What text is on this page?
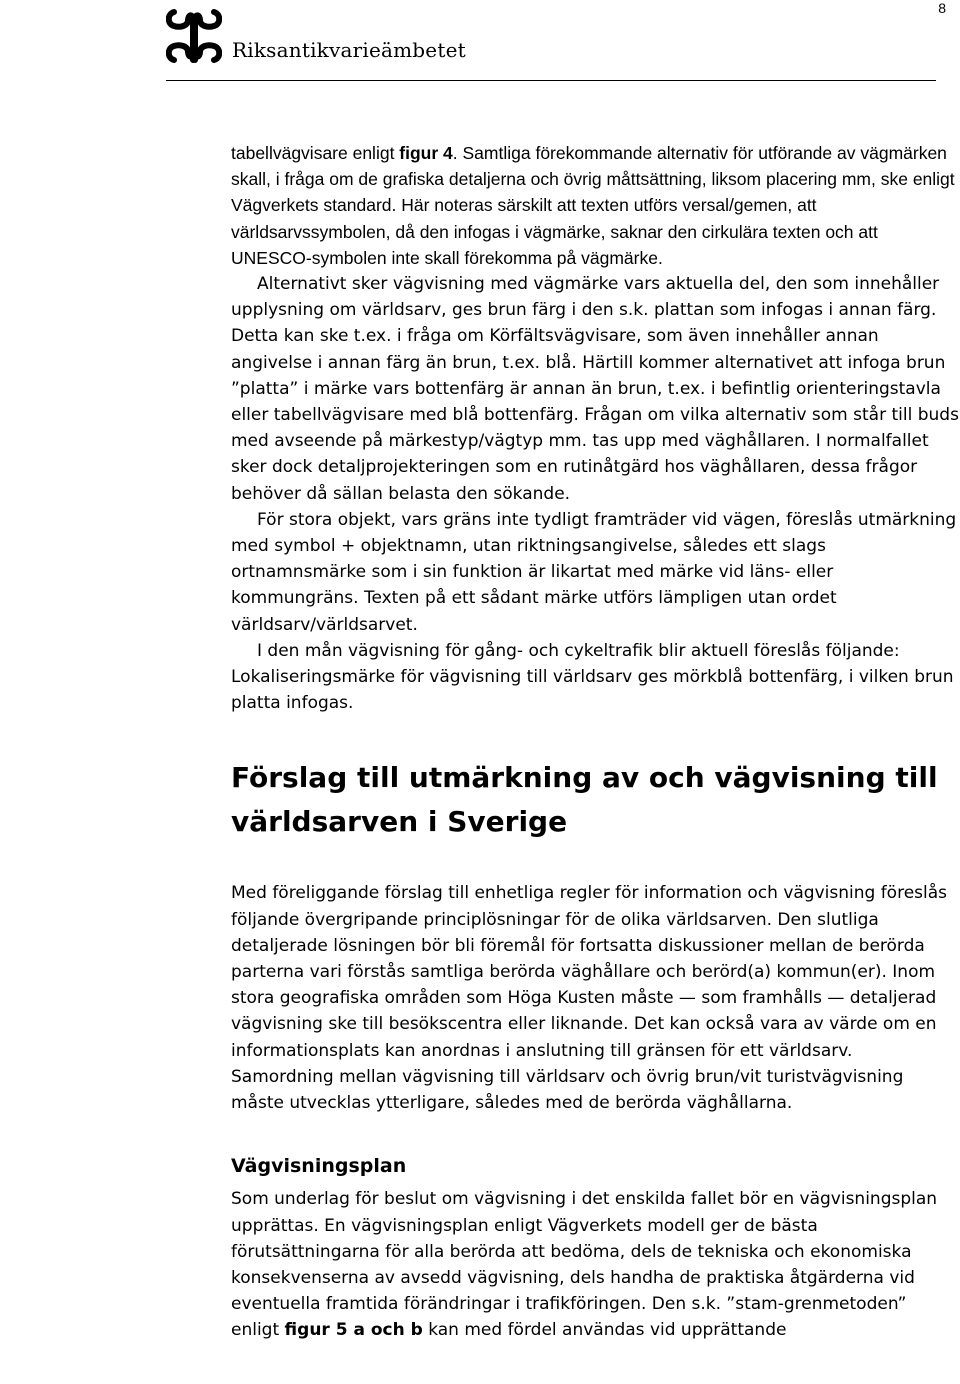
8
Riksantikvarieämbetet

tabellvägvisare enligt figur 4. Samtliga förekommande alternativ för utförande av vägmärken skall, i fråga om de grafiska detaljerna och övrig måttsättning, liksom placering mm, ske enligt Vägverkets standard. Här noteras särskilt att texten utförs versal/gemen, att världsarvssymbolen, då den infogas i vägmärke, saknar den cirkulära texten och att UNESCO-symbolen inte skall förekomma på vägmärke.

Alternativt sker vägvisning med vägmärke vars aktuella del, den som innehåller upplysning om världsarv, ges brun färg i den s.k. plattan som infogas i annan färg. Detta kan ske t.ex. i fråga om Körfältsvägvisare, som även innehåller annan angivelse i annan färg än brun, t.ex. blå. Härtill kommer alternativet att infoga brun ”platta” i märke vars bottenfärg är annan än brun, t.ex. i befintlig orienteringstavla eller tabellvägvisare med blå bottenfärg. Frågan om vilka alternativ som står till buds med avseende på märkestyp/vägtyp mm. tas upp med väghållaren. I normalfallet sker dock detaljprojekteringen som en rutinåtgärd hos väghållaren, dessa frågor behöver då sällan belasta den sökande.

För stora objekt, vars gräns inte tydligt framträder vid vägen, föreslås utmärkning med symbol + objektnamn, utan riktningsangivelse, således ett slags ortnamnsmärke som i sin funktion är likartat med märke vid läns- eller kommungräns. Texten på ett sådant märke utförs lämpligen utan ordet världsarv/världsarvet.

I den mån vägvisning för gång- och cykeltrafik blir aktuell föreslås följande: Lokaliseringsmärke för vägvisning till världsarv ges mörkblå bottenfärg, i vilken brun platta infogas.

Förslag till utmärkning av och vägvisning till världsarven i Sverige

Med föreliggande förslag till enhetliga regler för information och vägvisning föreslås följande övergripande principlösningar för de olika världsarven. Den slutliga detaljerade lösningen bör bli föremål för fortsatta diskussioner mellan de berörda parterna vari förstås samtliga berörda väghållare och berörd(a) kommun(er). Inom stora geografiska områden som Höga Kusten måste — som framhålls — detaljerad vägvisning ske till besökscentra eller liknande. Det kan också vara av värde om en informationsplats kan anordnas i anslutning till gränsen för ett världsarv. Samordning mellan vägvisning till världsarv och övrig brun/vit turistvägvisning måste utvecklas ytterligare, således med de berörda väghållarna.

Vägvisningsplan

Som underlag för beslut om vägvisning i det enskilda fallet bör en vägvisningsplan upprättas. En vägvisningsplan enligt Vägverkets modell ger de bästa förutsättningarna för alla berörda att bedöma, dels de tekniska och ekonomiska konsekvenserna av avsedd vägvisning, dels handha de praktiska åtgärderna vid eventuella framtida förändringar i trafikföringen. Den s.k. ”stam-grenmetoden” enligt figur 5 a och b kan med fördel användas vid upprättande
